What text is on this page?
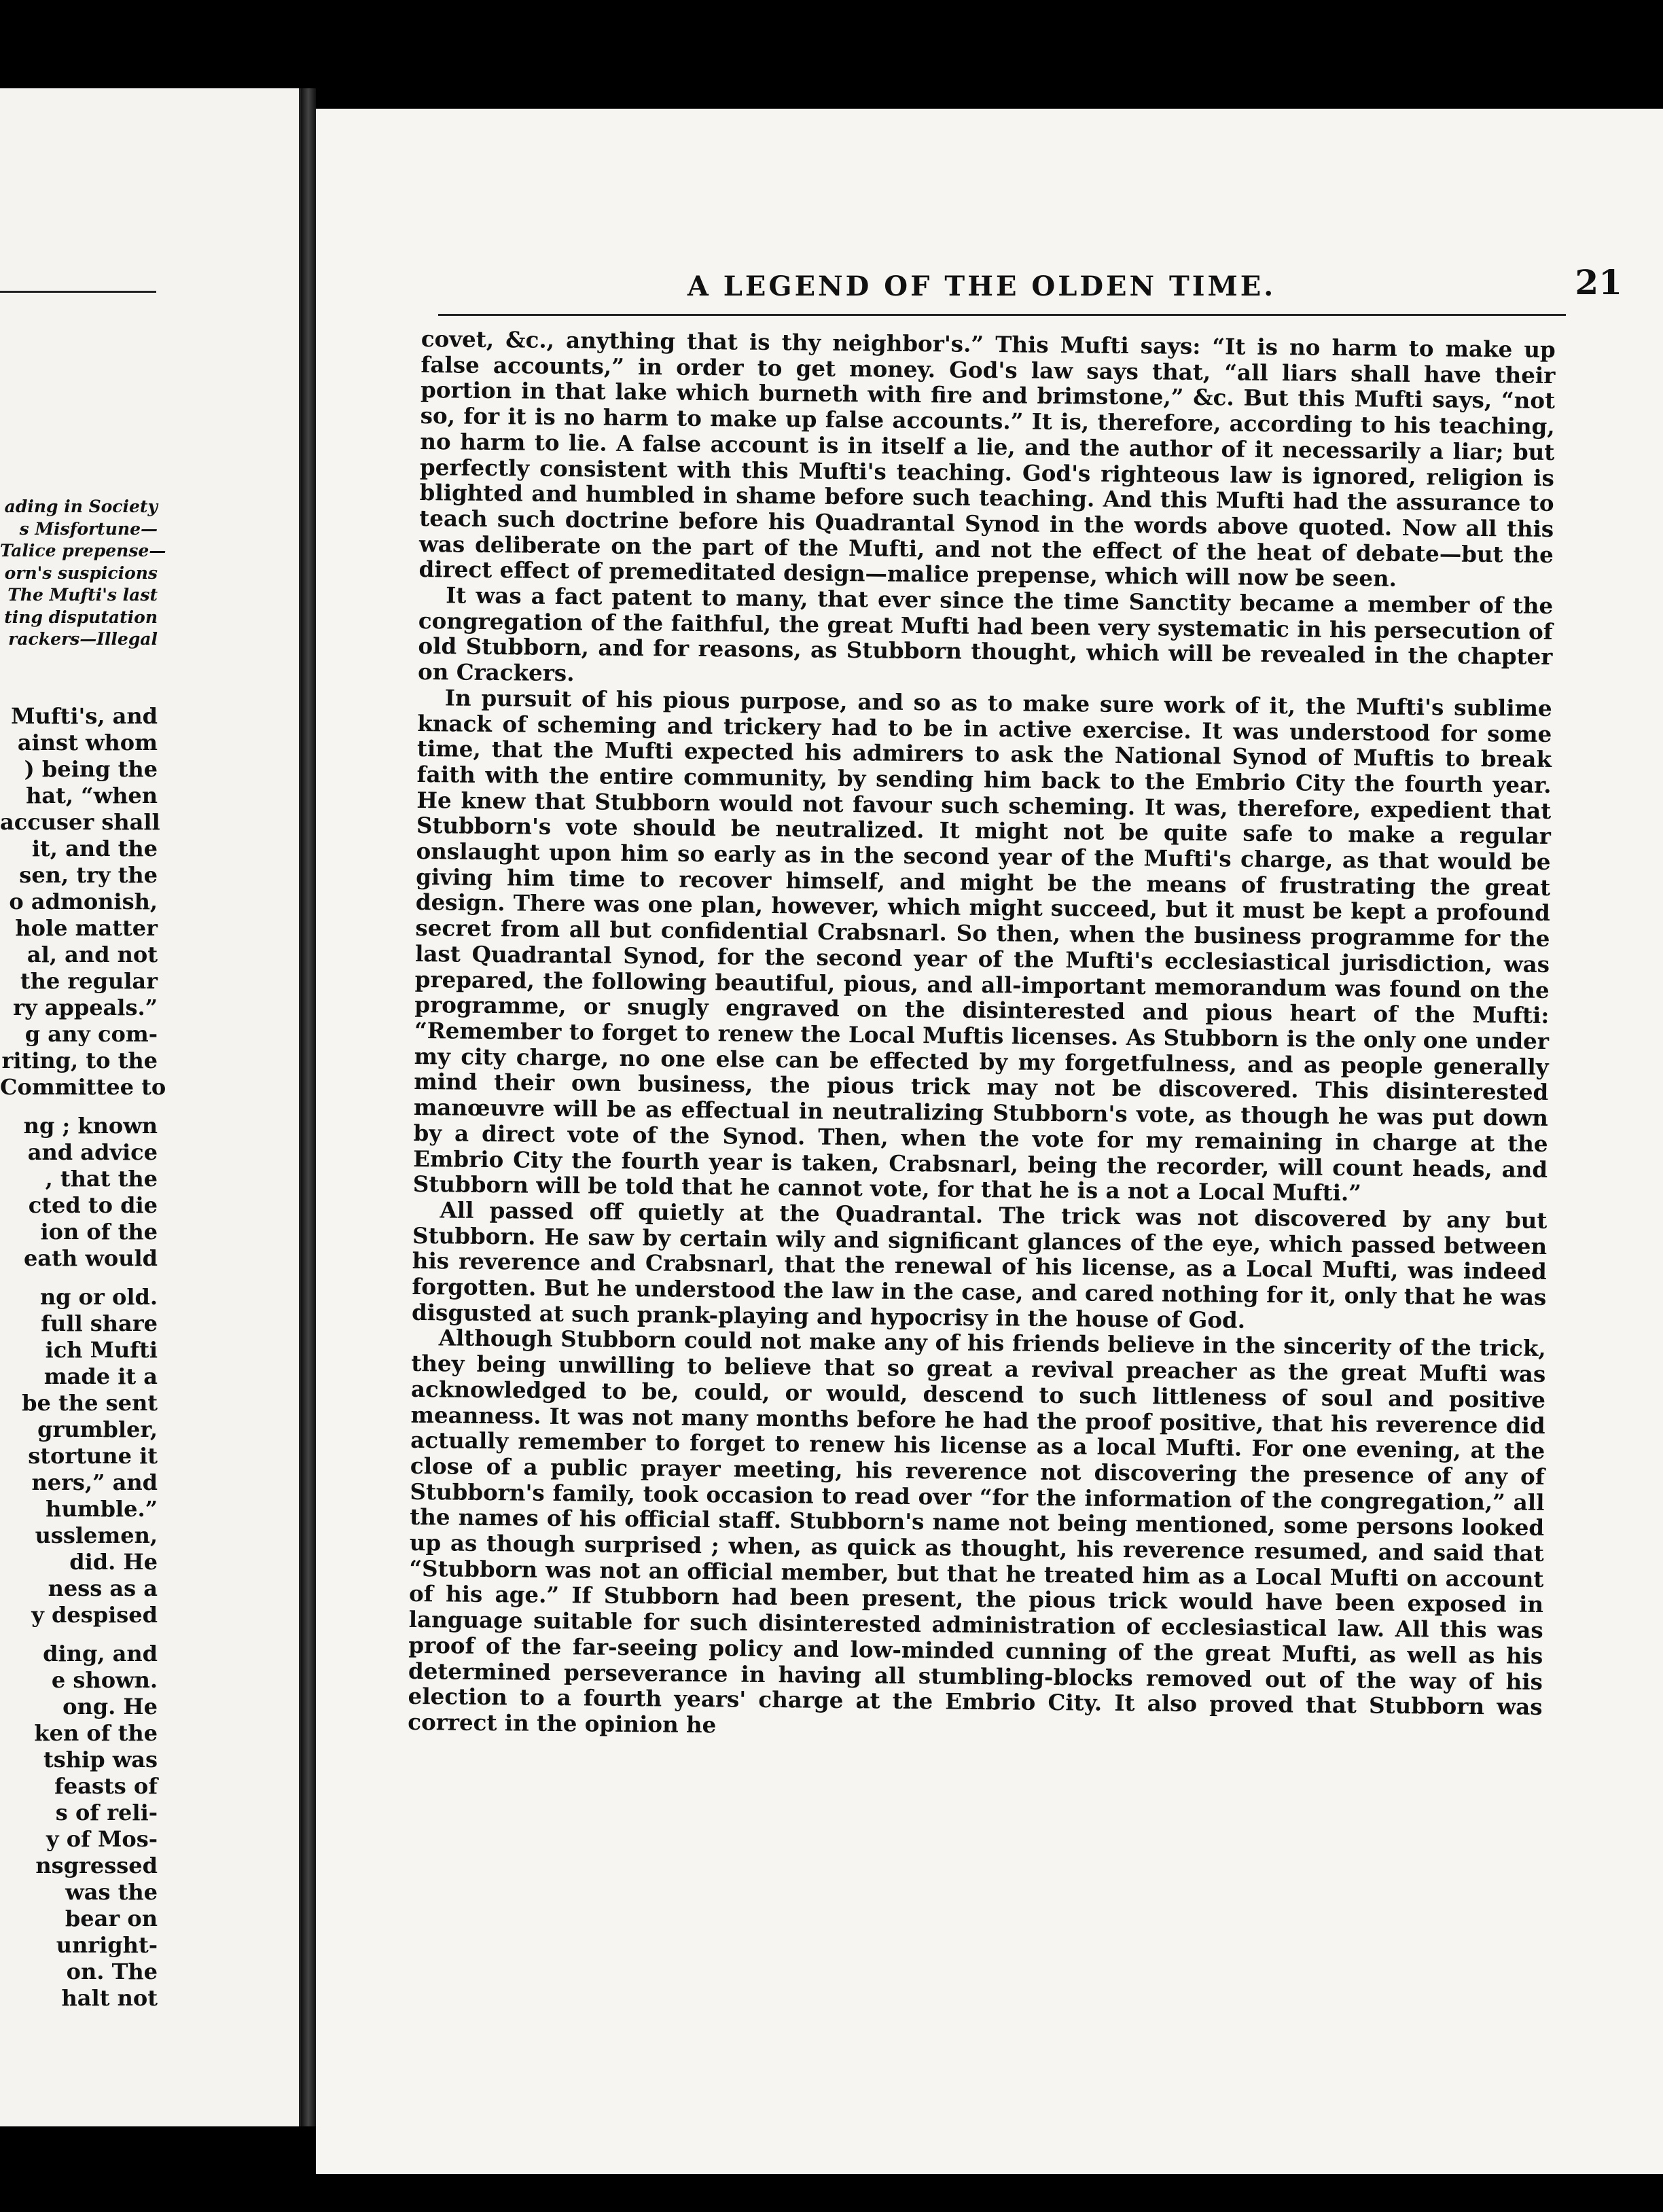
ading in Society
s Misfortune—
Talice prepense—
orn's suspicions
The Mufti's last
ting disputation
rackers—Illegal
Mufti's, and
ainst whom
) being the
hat, “when
accuser shall
it, and the
sen, try the
o admonish,
hole matter
al, and not
the regular
ry appeals.”
g any com-
riting, to the
Committee to
ng ; known
and advice
, that the
cted to die
ion of the
eath would
ng or old.
full share
ich Mufti
made it a
be the sent
grumbler,
stortune it
ners,” and
humble.”
usslemen,
did. He
ness as a
y despised
ding, and
e shown.
ong. He
ken of the
tship was
feasts of
s of reli-
y of Mos-
nsgressed
was the
bear on
unright-
on. The
halt not
A LEGEND OF THE OLDEN TIME.	21

covet, &c., anything that is thy neighbor's.” This Mufti says: “It is no harm to make up false accounts,” in order to get money. God's law says that, “all liars shall have their portion in that lake which burneth with fire and brimstone,” &c. But this Mufti says, “not so, for it is no harm to make up false accounts.” It is, therefore, according to his teaching, no harm to lie. A false account is in itself a lie, and the author of it necessarily a liar; but perfectly consistent with this Mufti's teaching. God's righteous law is ignored, religion is blighted and humbled in shame before such teaching. And this Mufti had the assurance to teach such doctrine before his Quadrantal Synod in the words above quoted. Now all this was deliberate on the part of the Mufti, and not the effect of the heat of debate—but the direct effect of premeditated design—malice prepense, which will now be seen.

It was a fact patent to many, that ever since the time Sanctity became a member of the congregation of the faithful, the great Mufti had been very systematic in his persecution of old Stubborn, and for reasons, as Stubborn thought, which will be revealed in the chapter on Crackers.

In pursuit of his pious purpose, and so as to make sure work of it, the Mufti's sublime knack of scheming and trickery had to be in active exercise. It was understood for some time, that the Mufti expected his admirers to ask the National Synod of Muftis to break faith with the entire community, by sending him back to the Embrio City the fourth year. He knew that Stubborn would not favour such scheming. It was, therefore, expedient that Stubborn's vote should be neutralized. It might not be quite safe to make a regular onslaught upon him so early as in the second year of the Mufti's charge, as that would be giving him time to recover himself, and might be the means of frustrating the great design. There was one plan, however, which might succeed, but it must be kept a profound secret from all but confidential Crabsnarl. So then, when the business programme for the last Quadrantal Synod, for the second year of the Mufti's ecclesiastical jurisdiction, was prepared, the following beautiful, pious, and all-important memorandum was found on the programme, or snugly engraved on the disinterested and pious heart of the Mufti: “Remember to forget to renew the Local Muftis licenses. As Stubborn is the only one under my city charge, no one else can be effected by my forgetfulness, and as people generally mind their own business, the pious trick may not be discovered. This disinterested manœuvre will be as effectual in neutralizing Stubborn's vote, as though he was put down by a direct vote of the Synod. Then, when the vote for my remaining in charge at the Embrio City the fourth year is taken, Crabsnarl, being the recorder, will count heads, and Stubborn will be told that he cannot vote, for that he is a not a Local Mufti.”

All passed off quietly at the Quadrantal. The trick was not discovered by any but Stubborn. He saw by certain wily and significant glances of the eye, which passed between his reverence and Crabsnarl, that the renewal of his license, as a Local Mufti, was indeed forgotten. But he understood the law in the case, and cared nothing for it, only that he was disgusted at such prank-playing and hypocrisy in the house of God.

Although Stubborn could not make any of his friends believe in the sincerity of the trick, they being unwilling to believe that so great a revival preacher as the great Mufti was acknowledged to be, could, or would, descend to such littleness of soul and positive meanness. It was not many months before he had the proof positive, that his reverence did actually remember to forget to renew his license as a local Mufti. For one evening, at the close of a public prayer meeting, his reverence not discovering the presence of any of Stubborn's family, took occasion to read over “for the information of the congregation,” all the names of his official staff. Stubborn's name not being mentioned, some persons looked up as though surprised ; when, as quick as thought, his reverence resumed, and said that “Stubborn was not an official member, but that he treated him as a Local Mufti on account of his age.” If Stubborn had been present, the pious trick would have been exposed in language suitable for such disinterested administration of ecclesiastical law. All this was proof of the far-seeing policy and low-minded cunning of the great Mufti, as well as his determined perseverance in having all stumbling-blocks removed out of the way of his election to a fourth years' charge at the Embrio City. It also proved that Stubborn was correct in the opinion he
